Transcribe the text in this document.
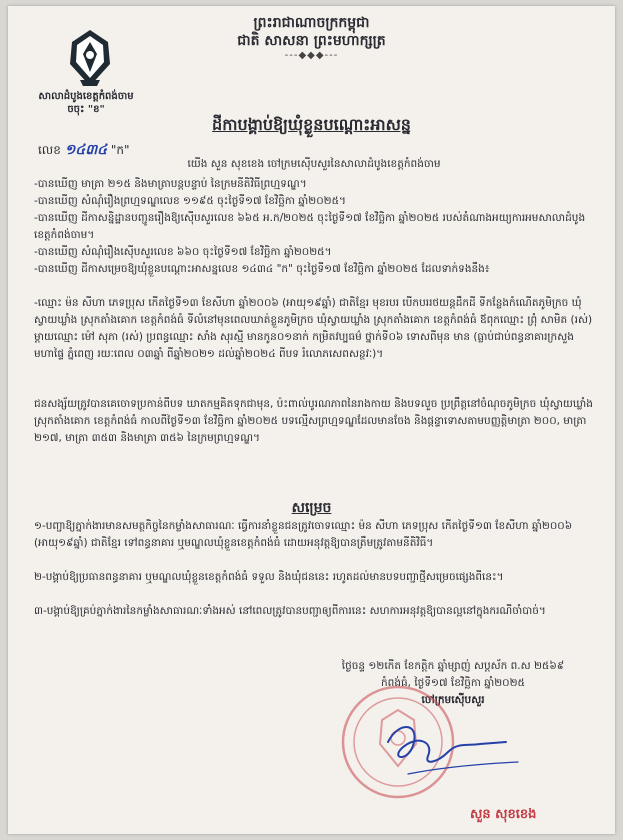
ព្រះរាជាណាចក្រកម្ពុជា
ជាតិ សាសនា ព្រះមហាក្សត្រ
---◆◆◆---
សាលាដំបូងខេត្តកំពង់ចាម
ចចុះ "ខ"
ដីកាបង្គាប់ឱ្យឃុំខ្លួនបណ្តោះអាសន្ន
លេខ ១៤៣៤ "ក"
យើង សួន សុខខេង ចៅក្រមស៊ើបសួរនៃសាលាដំបូងខេត្តកំពង់ចាម
-បានឃើញ មាត្រា ២១៥ និងមាត្រាបន្តបន្ទាប់ នៃក្រមនីតិវិធីព្រហ្មទណ្ឌ។
-បានឃើញ សំណុំរឿងព្រហ្មទណ្ឌលេខ ១១៩៥ ចុះថ្ងៃទី១៧ ខែវិច្ឆិកា ឆ្នាំ២០២៥។
-បានឃើញ ដីកាសន្និដ្ឋានបញ្ជូនរឿងឱ្យស៊ើបសួរលេខ ៦៦៥ អ.ក/២០២៥ ចុះថ្ងៃទី១៧ ខែវិច្ឆិកា ឆ្នាំ២០២៥ របស់តំណាងអយ្យការអមសាលាដំបូងខេត្តកំពង់ចាម។
-បានឃើញ សំណុំរឿងស៊ើបសួរលេខ ៦៦០ ចុះថ្ងៃទី១៧ ខែវិច្ឆិកា ឆ្នាំ២០២៥។
-បានឃើញ ដីកាសម្រេចឱ្យឃុំខ្លួនបណ្តោះអាសន្នលេខ ១៤៣៤ "ក" ចុះថ្ងៃទី១៧ ខែវិច្ឆិកា ឆ្នាំ២០២៥ ដែលទាក់ទងនឹង៖
-ឈ្មោះ ម៉ន សីហា ភេទប្រុស កើតថ្ងៃទី១៣ ខែសីហា ឆ្នាំ២០០៦ (អាយុ១៩ឆ្នាំ) ជាតិខ្មែរ មុខរបរ បើកបររថយន្តដឹកដី ទីកន្លែងកំណើតភូមិក្រច ឃុំស្វាយឃ្លាំង ស្រុកតាំងគោក ខេត្តកំពង់ធំ ទីលំនៅមុនពេលឃាត់ខ្លួនភូមិក្រច ឃុំស្វាយឃ្លាំង ស្រុកតាំងគោក ខេត្តកំពង់ធំ ឪពុកឈ្មោះ ព្រុំ សាមិត (រស់) ម្តាយឈ្មោះ ម៉ៅ សុភា (រស់) ប្រពន្ធឈ្មោះ សាំង សុរស្មី មានកូន០១នាក់ កម្រិតវប្បធម៌ ថ្នាក់ទី០៦ ទោសពីមុន មាន (ធ្លាប់ជាប់ពន្ធនាគារក្រសួងមហាផ្ទៃ ភ្នំពេញ រយៈពេល ០៣ឆ្នាំ ពីឆ្នាំ២០២១ ដល់ឆ្នាំ២០២៤ ពីបទ រំលោភសេពសន្ថវៈ)។
ជនសង្ស័យត្រូវបានគេចោទប្រកាន់ពីបទ ឃាតកម្មគិតទុកជាមុន, ប៉ះពាល់បូរណភាពនៃរាងកាយ និងបទលួច ប្រព្រឹត្តនៅចំណុចភូមិក្រច ឃុំស្វាយឃ្លាំង ស្រុកតាំងគោក ខេត្តកំពង់ធំ កាលពីថ្ងៃទី១៣ ខែវិច្ឆិកា ឆ្នាំ២០២៥ បទល្មើសព្រហ្មទណ្ឌដែលមានចែង និងផ្តន្ទាទោសតាមបញ្ញត្តិមាត្រា ២០០, មាត្រា ២១៧, មាត្រា ៣៥៣ និងមាត្រា ៣៥៦ នៃក្រមព្រហ្មទណ្ឌ។
សម្រេច
១-បញ្ជាឱ្យភ្នាក់ងារមានសមត្ថកិច្ចនៃកម្លាំងសាធារណៈ ធ្វើការនាំខ្លួនជនត្រូវចោទឈ្មោះ ម៉ន សីហា ភេទប្រុស កើតថ្ងៃទី១៣ ខែសីហា ឆ្នាំ២០០៦ (អាយុ១៩ឆ្នាំ) ជាតិខ្មែរ ទៅពន្ធនាគារ ឬមណ្ឌលឃុំខ្លួនខេត្តកំពង់ធំ ដោយអនុវត្តឱ្យបានត្រឹមត្រូវតាមនីតិវិធី។
២-បង្គាប់ឱ្យប្រធានពន្ធនាគារ ឬមណ្ឌលឃុំខ្លួនខេត្តកំពង់ធំ ទទួល និងឃុំជននេះ រហូតដល់មានបទបញ្ជាថ្មីសម្រេចផ្សេងពីនេះ។
៣-បង្គាប់ឱ្យគ្រប់ភ្នាក់ងារនៃកម្លាំងសាធារណៈទាំងអស់ នៅពេលត្រូវបានបញ្ជាឲ្យពីការនេះ សហការអនុវត្តឱ្យបានល្អនៅក្នុងករណីចាំបាច់។
ថ្ងៃចន្ទ ១២កើត ខែកត្តិក ឆ្នាំម្សាញ់ សប្តស័ក ព.ស ២៥៦៩
កំពង់ធំ, ថ្ងៃទី១៧ ខែវិច្ឆិកា ឆ្នាំ២០២៥
ចៅក្រមស៊ើបសួរ
សួន សុខខេង
